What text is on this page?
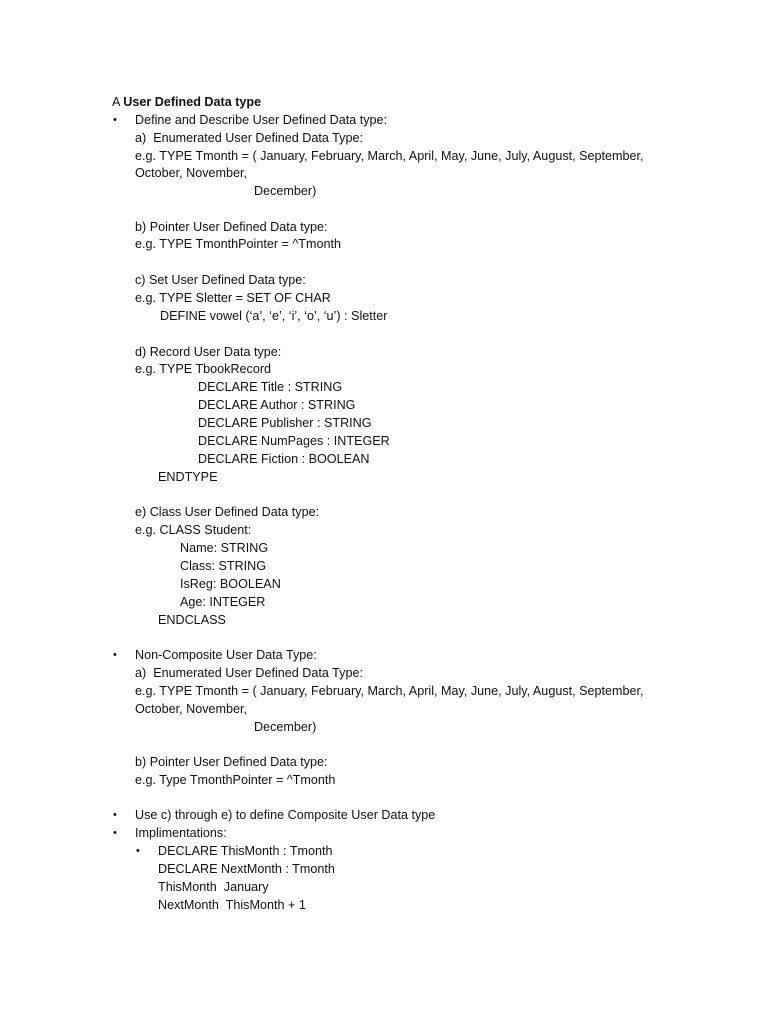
A User Defined Data type
• Define and Describe User Defined Data type:
a)  Enumerated User Defined Data Type:
e.g. TYPE Tmonth = ( January, February, March, April, May, June, July, August, September,
October, November,
December)
b) Pointer User Defined Data type:
e.g. TYPE TmonthPointer = ^Tmonth
c) Set User Defined Data type:
e.g. TYPE Sletter = SET OF CHAR
DEFINE vowel (‘a’, ‘e’, ‘i’, ‘o’, ‘u’) : Sletter
d) Record User Data type:
e.g. TYPE TbookRecord
DECLARE Title : STRING
DECLARE Author : STRING
DECLARE Publisher : STRING
DECLARE NumPages : INTEGER
DECLARE Fiction : BOOLEAN
ENDTYPE
e) Class User Defined Data type:
e.g. CLASS Student:
Name: STRING
Class: STRING
IsReg: BOOLEAN
Age: INTEGER
ENDCLASS
• Non-Composite User Data Type:
a)  Enumerated User Defined Data Type:
e.g. TYPE Tmonth = ( January, February, March, April, May, June, July, August, September,
October, November,
December)
b) Pointer User Defined Data type:
e.g. Type TmonthPointer = ^Tmonth
• Use c) through e) to define Composite User Data type
• Implimentations:
• DECLARE ThisMonth : Tmonth
DECLARE NextMonth : Tmonth
ThisMonth  January
NextMonth  ThisMonth + 1
